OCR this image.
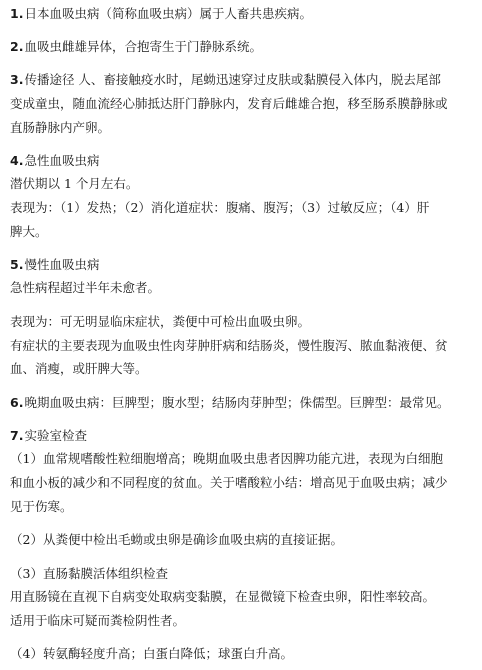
1.日本血吸虫病（简称血吸虫病）属于人畜共患疾病。
2.血吸虫雌雄异体，合抱寄生于门静脉系统。
3.传播途径 人、畜接触疫水时，尾蚴迅速穿过皮肤或黏膜侵入体内，脱去尾部
变成童虫，随血流经心肺抵达肝门静脉内，发育后雌雄合抱，移至肠系膜静脉或
直肠静脉内产卵。
4.急性血吸虫病
潜伏期以 1 个月左右。
表现为：（1）发热；（2）消化道症状：腹痛、腹泻；（3）过敏反应；（4）肝
脾大。
5.慢性血吸虫病
急性病程超过半年未愈者。
表现为：可无明显临床症状，粪便中可检出血吸虫卵。
有症状的主要表现为血吸虫性肉芽肿肝病和结肠炎，慢性腹泻、脓血黏液便、贫
血、消瘦，或肝脾大等。
6.晚期血吸虫病：巨脾型；腹水型；结肠肉芽肿型；侏儒型。巨脾型：最常见。
7.实验室检查
（1）血常规嗜酸性粒细胞增高；晚期血吸虫患者因脾功能亢进，表现为白细胞
和血小板的减少和不同程度的贫血。关于嗜酸粒小结：增高见于血吸虫病；减少
见于伤寒。
（2）从粪便中检出毛蚴或虫卵是确诊血吸虫病的直接证据。
（3）直肠黏膜活体组织检查
用直肠镜在直视下自病变处取病变黏膜，在显微镜下检查虫卵，阳性率较高。
适用于临床可疑而粪检阴性者。
（4）转氨酶轻度升高；白蛋白降低；球蛋白升高。
